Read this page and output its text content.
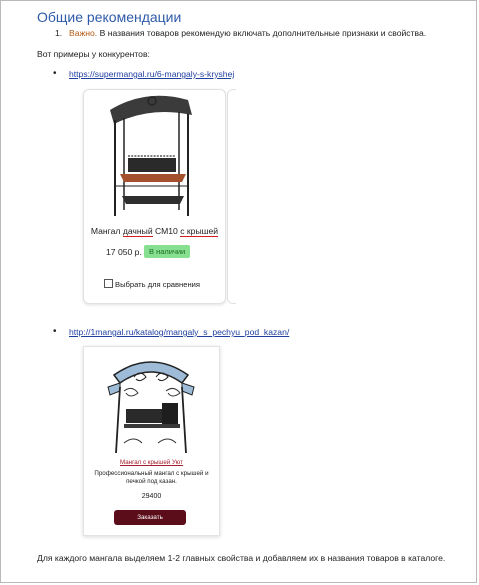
Общие рекомендации
1. Важно. В названия товаров рекомендую включать дополнительные признаки и свойства.
Вот примеры у конкурентов:
• https://supermangal.ru/6-mangaly-s-kryshej
Мангал дачный СМ10 с крышей
17 050 р. В наличии
Выбрать для сравнения
• http://1mangal.ru/katalog/mangaly_s_pechyu_pod_kazan/
Мангал с крышей Уют
Профессиональный мангал с крышей и печкой под казан.
29400
Заказать
Для каждого мангала выделяем 1-2 главных свойства и добавляем их в названия товаров в каталоге.
